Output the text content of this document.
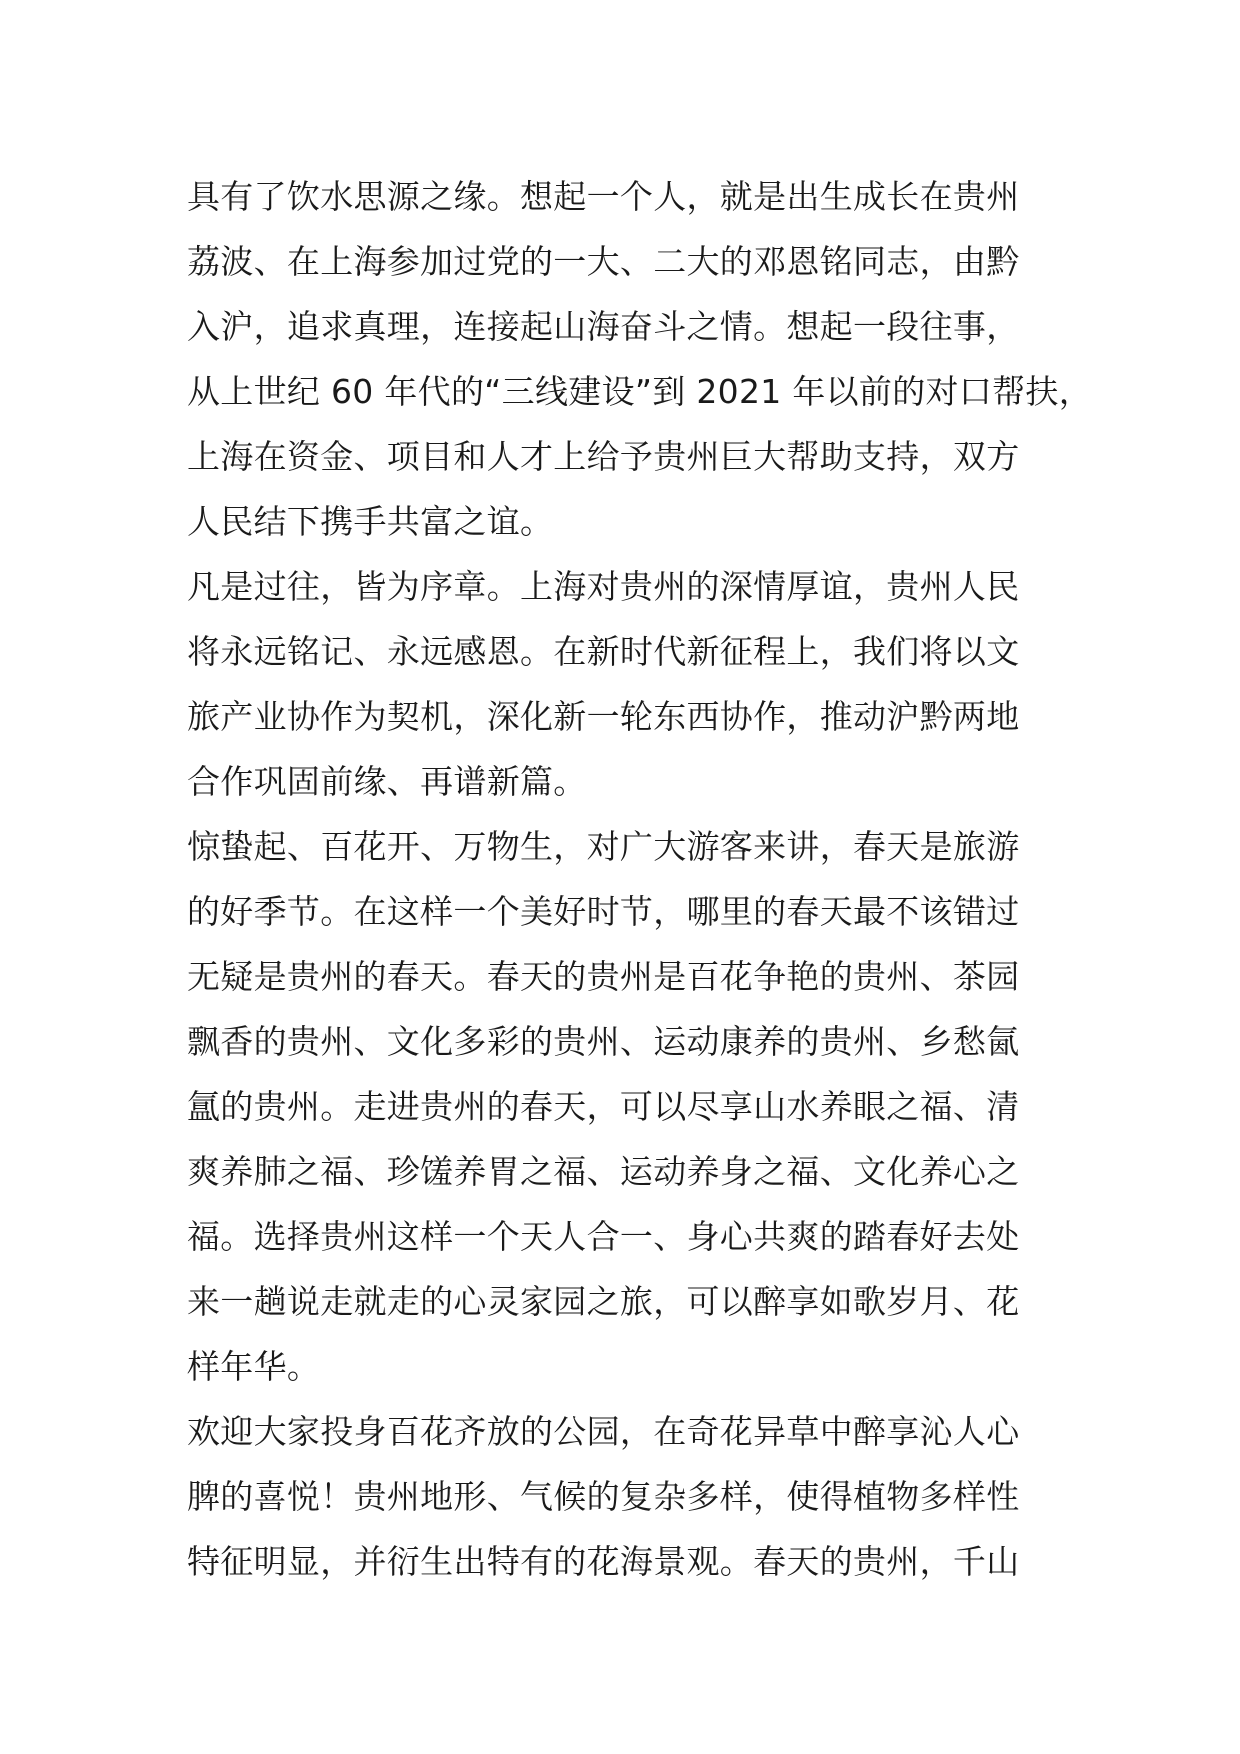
具有了饮水思源之缘。想起一个人，就是出生成长在贵州
荔波、在上海参加过党的一大、二大的邓恩铭同志，由黔
入沪，追求真理，连接起山海奋斗之情。想起一段往事，
从上世纪 60 年代的“三线建设”到 2021 年以前的对口帮扶，
上海在资金、项目和人才上给予贵州巨大帮助支持，双方
人民结下携手共富之谊。
凡是过往，皆为序章。上海对贵州的深情厚谊，贵州人民
将永远铭记、永远感恩。在新时代新征程上，我们将以文
旅产业协作为契机，深化新一轮东西协作，推动沪黔两地
合作巩固前缘、再谱新篇。
惊蛰起、百花开、万物生，对广大游客来讲，春天是旅游
的好季节。在这样一个美好时节，哪里的春天最不该错过
无疑是贵州的春天。春天的贵州是百花争艳的贵州、茶园
飘香的贵州、文化多彩的贵州、运动康养的贵州、乡愁氤
氲的贵州。走进贵州的春天，可以尽享山水养眼之福、清
爽养肺之福、珍馐养胃之福、运动养身之福、文化养心之
福。选择贵州这样一个天人合一、身心共爽的踏春好去处
来一趟说走就走的心灵家园之旅，可以醉享如歌岁月、花
样年华。
欢迎大家投身百花齐放的公园，在奇花异草中醉享沁人心
脾的喜悦！贵州地形、气候的复杂多样，使得植物多样性
特征明显，并衍生出特有的花海景观。春天的贵州，千山
